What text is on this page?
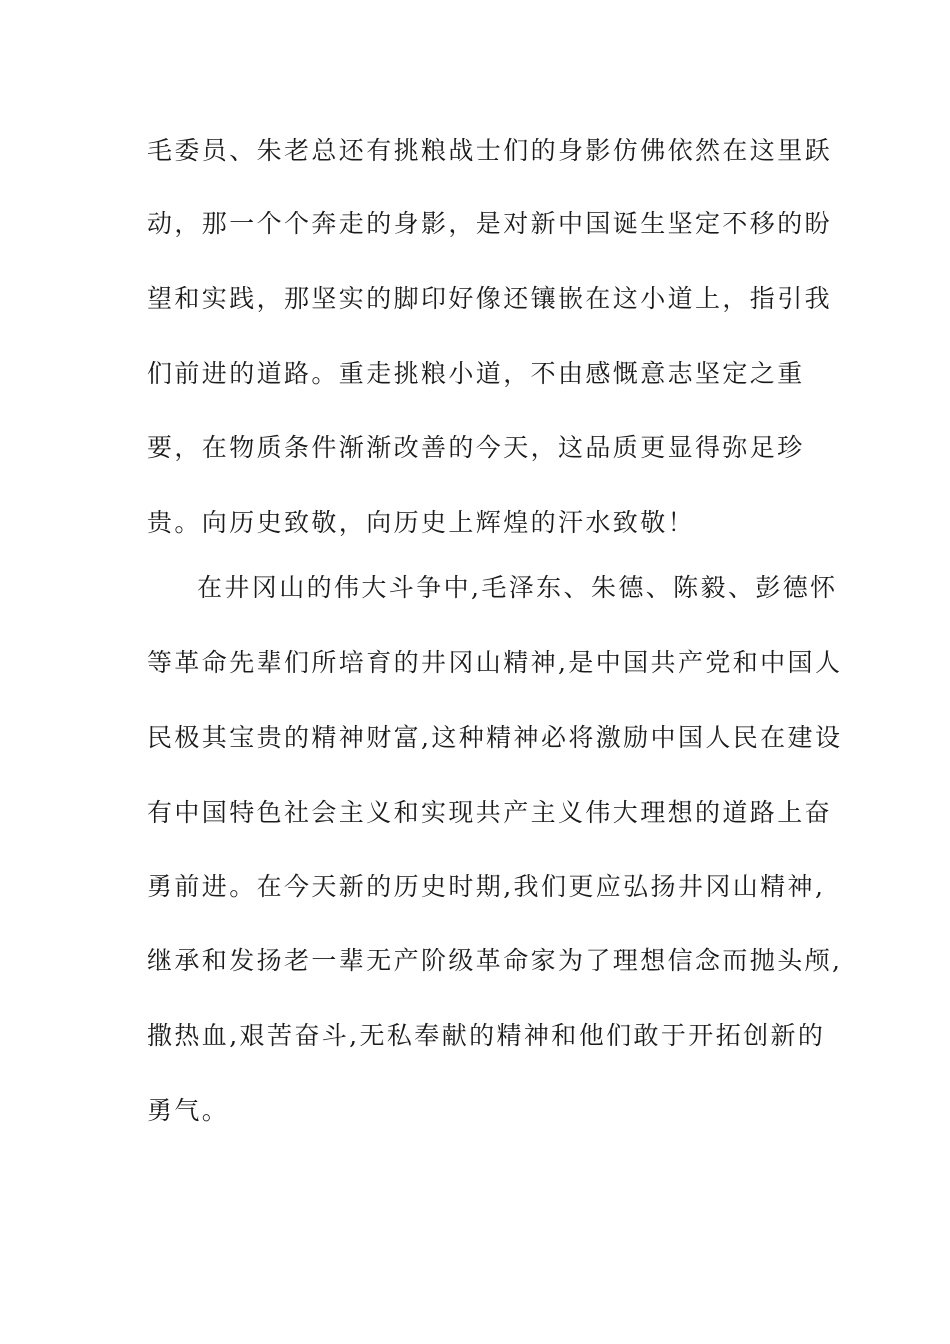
毛委员、朱老总还有挑粮战士们的身影仿佛依然在这里跃

动，那一个个奔走的身影，是对新中国诞生坚定不移的盼

望和实践，那坚实的脚印好像还镶嵌在这小道上，指引我

们前进的道路。重走挑粮小道，不由感慨意志坚定之重

要，在物质条件渐渐改善的今天，这品质更显得弥足珍

贵。向历史致敬，向历史上辉煌的汗水致敬！

在井冈山的伟大斗争中,毛泽东、朱德、陈毅、彭德怀

等革命先辈们所培育的井冈山精神,是中国共产党和中国人

民极其宝贵的精神财富,这种精神必将激励中国人民在建设

有中国特色社会主义和实现共产主义伟大理想的道路上奋

勇前进。在今天新的历史时期,我们更应弘扬井冈山精神,

继承和发扬老一辈无产阶级革命家为了理想信念而抛头颅,

撒热血,艰苦奋斗,无私奉献的精神和他们敢于开拓创新的

勇气。
